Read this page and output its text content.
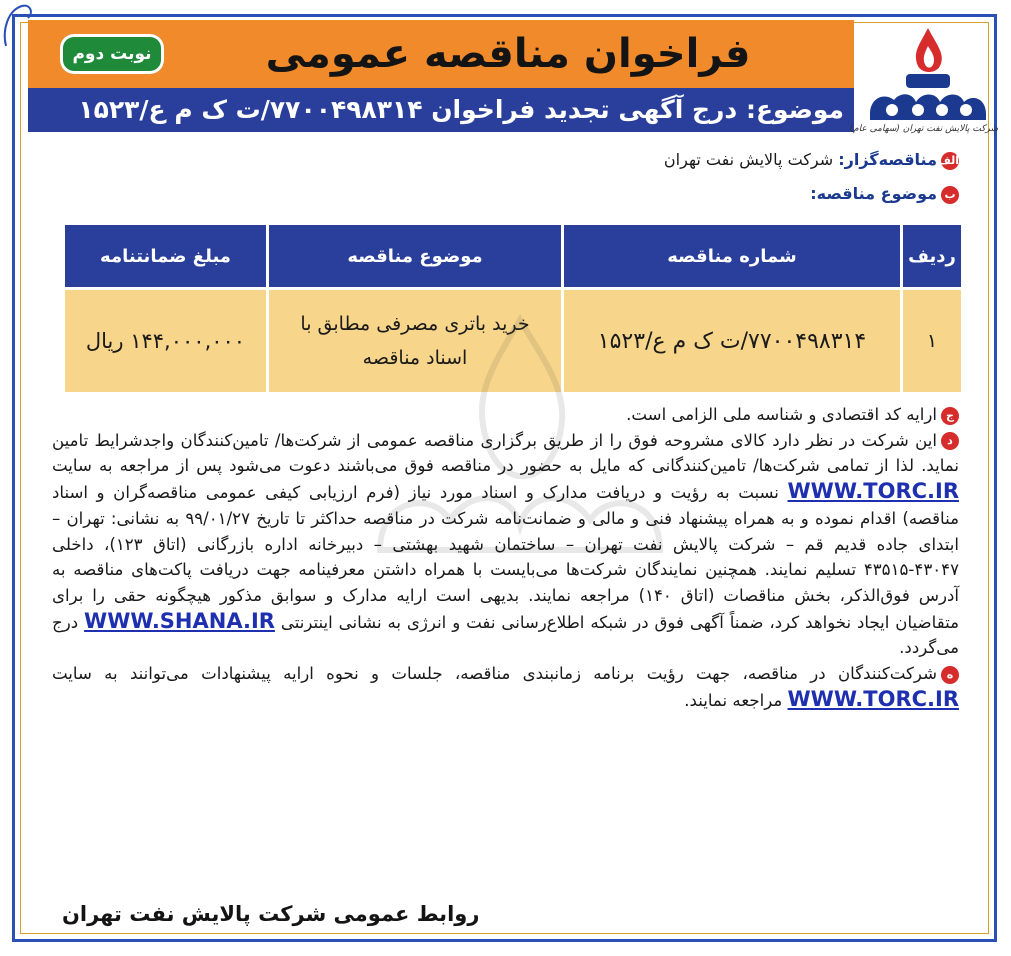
فراخوان مناقصه عمومی
نوبت دوم
موضوع: درج آگهی تجدید فراخوان ۷۷۰۰۴۹۸۳۱۴/ت ک م ع/۱۵۲۳
شرکت پالایش نفت تهران (سهامی عام)
الفمناقصه‌گزار: شرکت پالایش نفت تهران
بموضوع مناقصه:
ردیف	شماره مناقصه	موضوع مناقصه	مبلغ ضمانتنامه
۱	۷۷۰۰۴۹۸۳۱۴/ت ک م ع/۱۵۲۳	خرید باتری مصرفی مطابق با اسناد مناقصه	۱۴۴,۰۰۰,۰۰۰ ریال

جارایه کد اقتصادی و شناسه ملی الزامی است.

داین شرکت در نظر دارد کالای مشروحه فوق را از طریق برگزاری مناقصه عمومی از شرکت‌ها/ تامین‌کنندگان واجدشرایط تامین نماید. لذا از تمامی شرکت‌ها/ تامین‌کنندگانی که مایل به حضور در مناقصه فوق می‌باشند دعوت می‌شود پس از مراجعه به سایت WWW.TORC.IR نسبت به رؤیت و دریافت مدارک و اسناد مورد نیاز (فرم ارزیابی کیفی عمومی مناقصه‌گران و اسناد مناقصه) اقدام نموده و به همراه پیشنهاد فنی و مالی و ضمانت‌نامه شرکت در مناقصه حداکثر تا تاریخ ۹۹/۰۱/۲۷ به نشانی: تهران – ابتدای جاده قدیم قم – شرکت پالایش نفت تهران – ساختمان شهید بهشتی – دبیرخانه اداره بازرگانی (اتاق ۱۲۳)، داخلی ۴۳۰۴۷-۴۳۵۱۵ تسلیم نمایند. همچنین نمایندگان شرکت‌ها می‌بایست با همراه داشتن معرفینامه جهت دریافت پاکت‌های مناقصه به آدرس فوق‌الذکر، بخش مناقصات (اتاق ۱۴۰) مراجعه نمایند. بدیهی است ارایه مدارک و سوابق مذکور هیچگونه حقی را برای متقاضیان ایجاد نخواهد کرد، ضمناً آگهی فوق در شبکه اطلاع‌رسانی نفت و انرژی به نشانی اینترنتی WWW.SHANA.IR درج می‌گردد.

هشرکت‌کنندگان در مناقصه، جهت رؤیت برنامه زمانبندی مناقصه، جلسات و نحوه ارایه پیشنهادات می‌توانند به سایت WWW.TORC.IR مراجعه نمایند.

روابط عمومی شرکت پالایش نفت تهران
